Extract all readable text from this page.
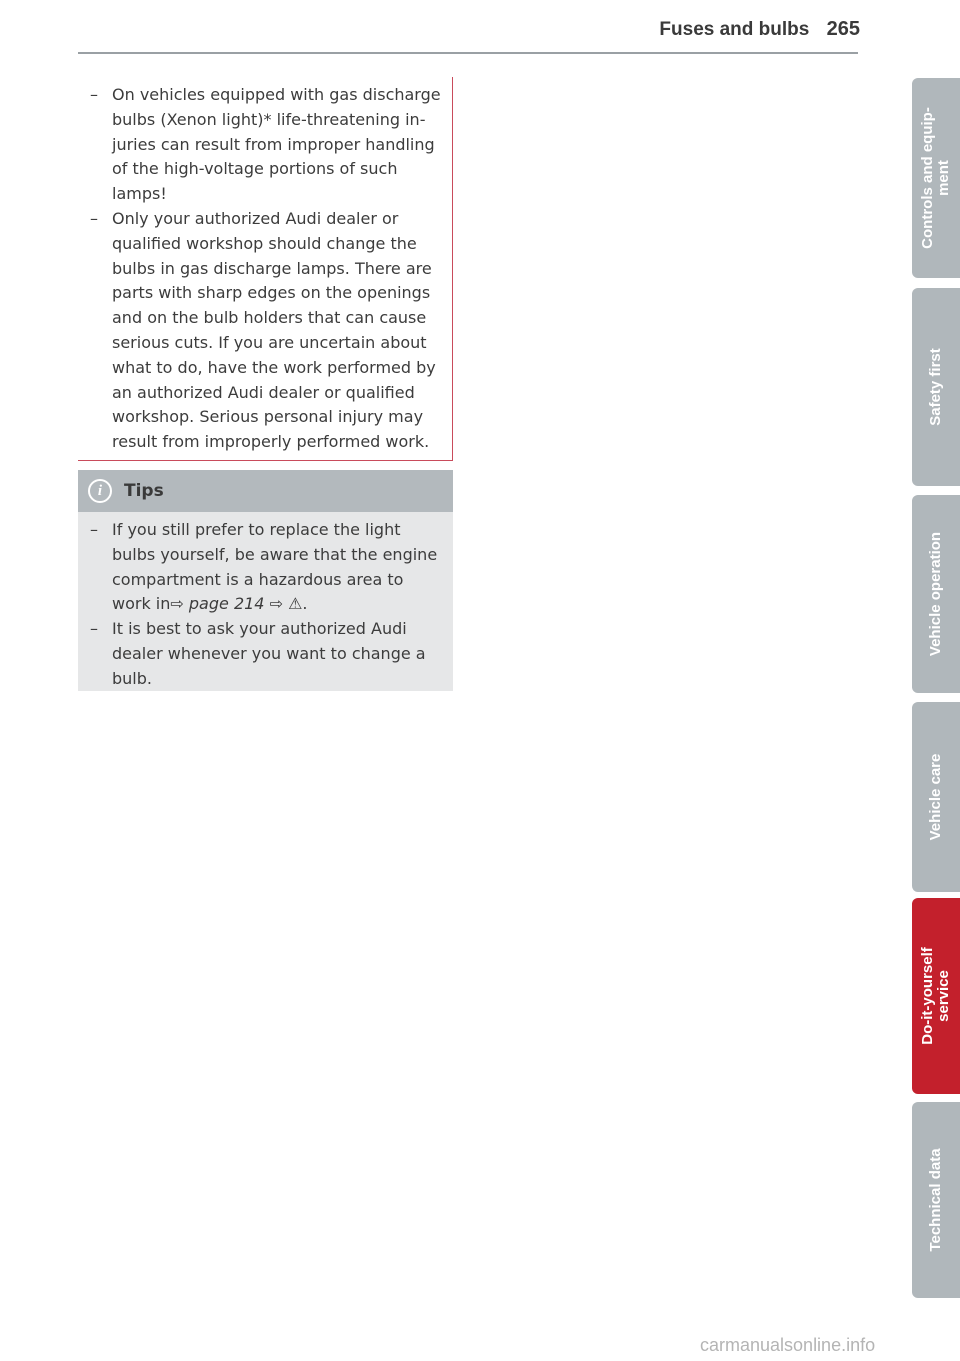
Fuses and bulbs 265
– On vehicles equipped with gas discharge bulbs (Xenon light)* life-threatening in-juries can result from improper handling of the high-voltage portions of such lamps!
– Only your authorized Audi dealer or qualified workshop should change the bulbs in gas discharge lamps. There are parts with sharp edges on the openings and on the bulb holders that can cause serious cuts. If you are uncertain about what to do, have the work performed by an authorized Audi dealer or qualified workshop. Serious personal injury may result from improperly performed work.
i	Tips
– If you still prefer to replace the light bulbs yourself, be aware that the engine compartment is a hazardous area to work in⇨ page 214 ⇨ ⚠.
– It is best to ask your authorized Audi dealer whenever you want to change a bulb.
Controls and equip-
ment
Safety first
Vehicle operation
Vehicle care
Do-it-yourself
service
Technical data
carmanualsonline.info
